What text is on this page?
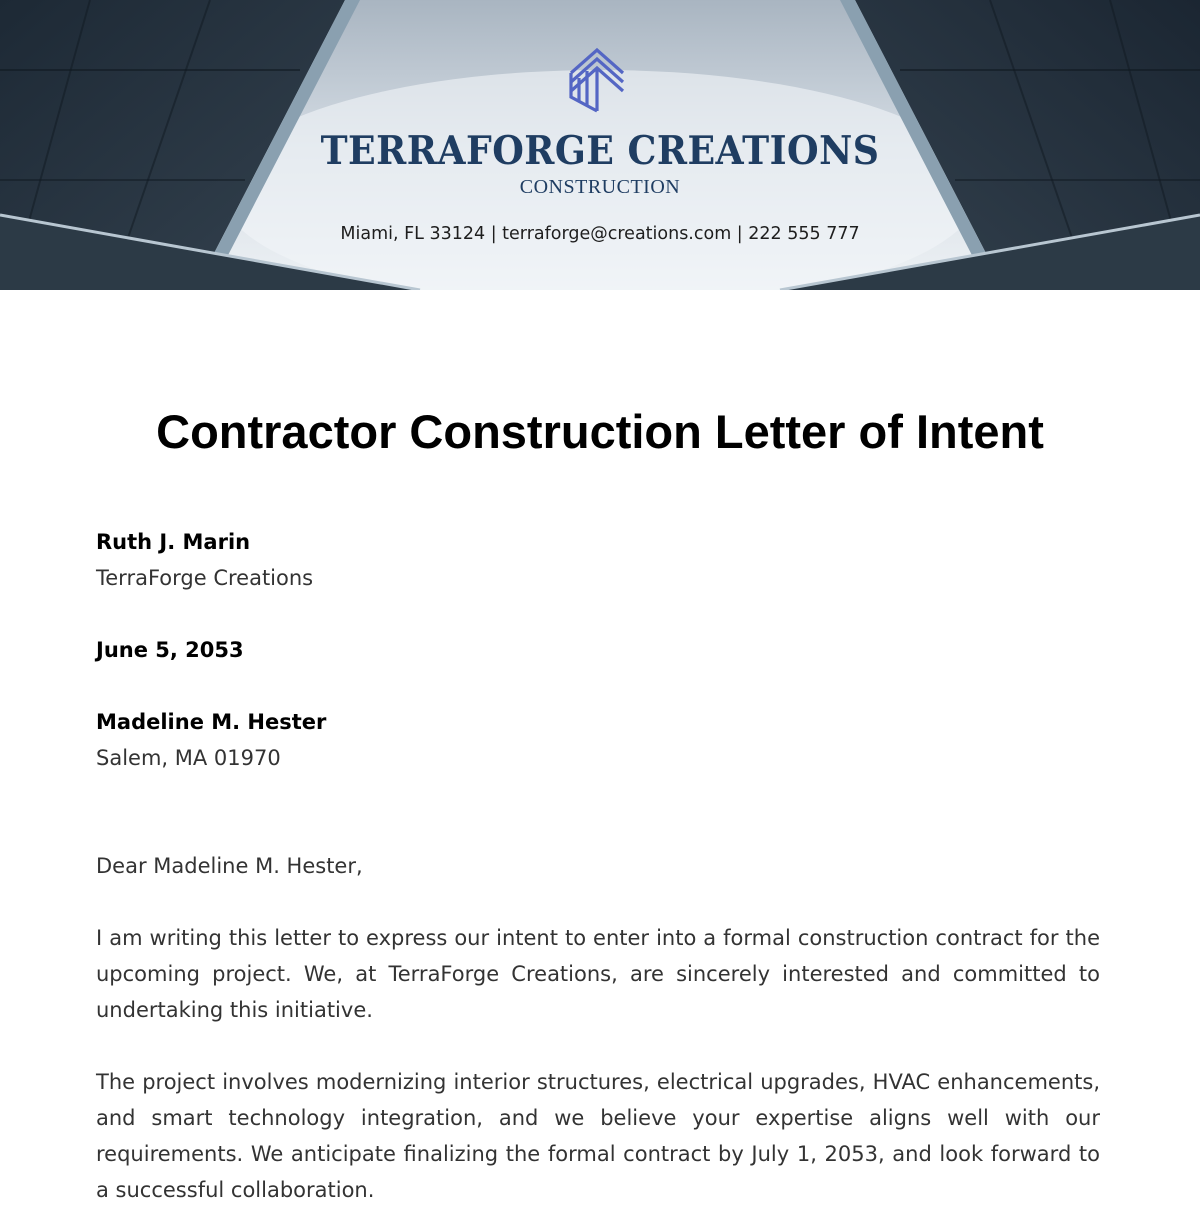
TERRAFORGE CREATIONS
CONSTRUCTION
Miami, FL 33124 | terraforge@creations.com | 222 555 777
Contractor Construction Letter of Intent
Ruth J. Marin
TerraForge Creations
June 5, 2053
Madeline M. Hester
Salem, MA 01970
Dear Madeline M. Hester,
I am writing this letter to express our intent to enter into a formal construction contract for the upcoming project. We, at TerraForge Creations, are sincerely interested and committed to undertaking this initiative.
The project involves modernizing interior structures, electrical upgrades, HVAC enhancements, and smart technology integration, and we believe your expertise aligns well with our requirements. We anticipate finalizing the formal contract by July 1, 2053, and look forward to a successful collaboration.
